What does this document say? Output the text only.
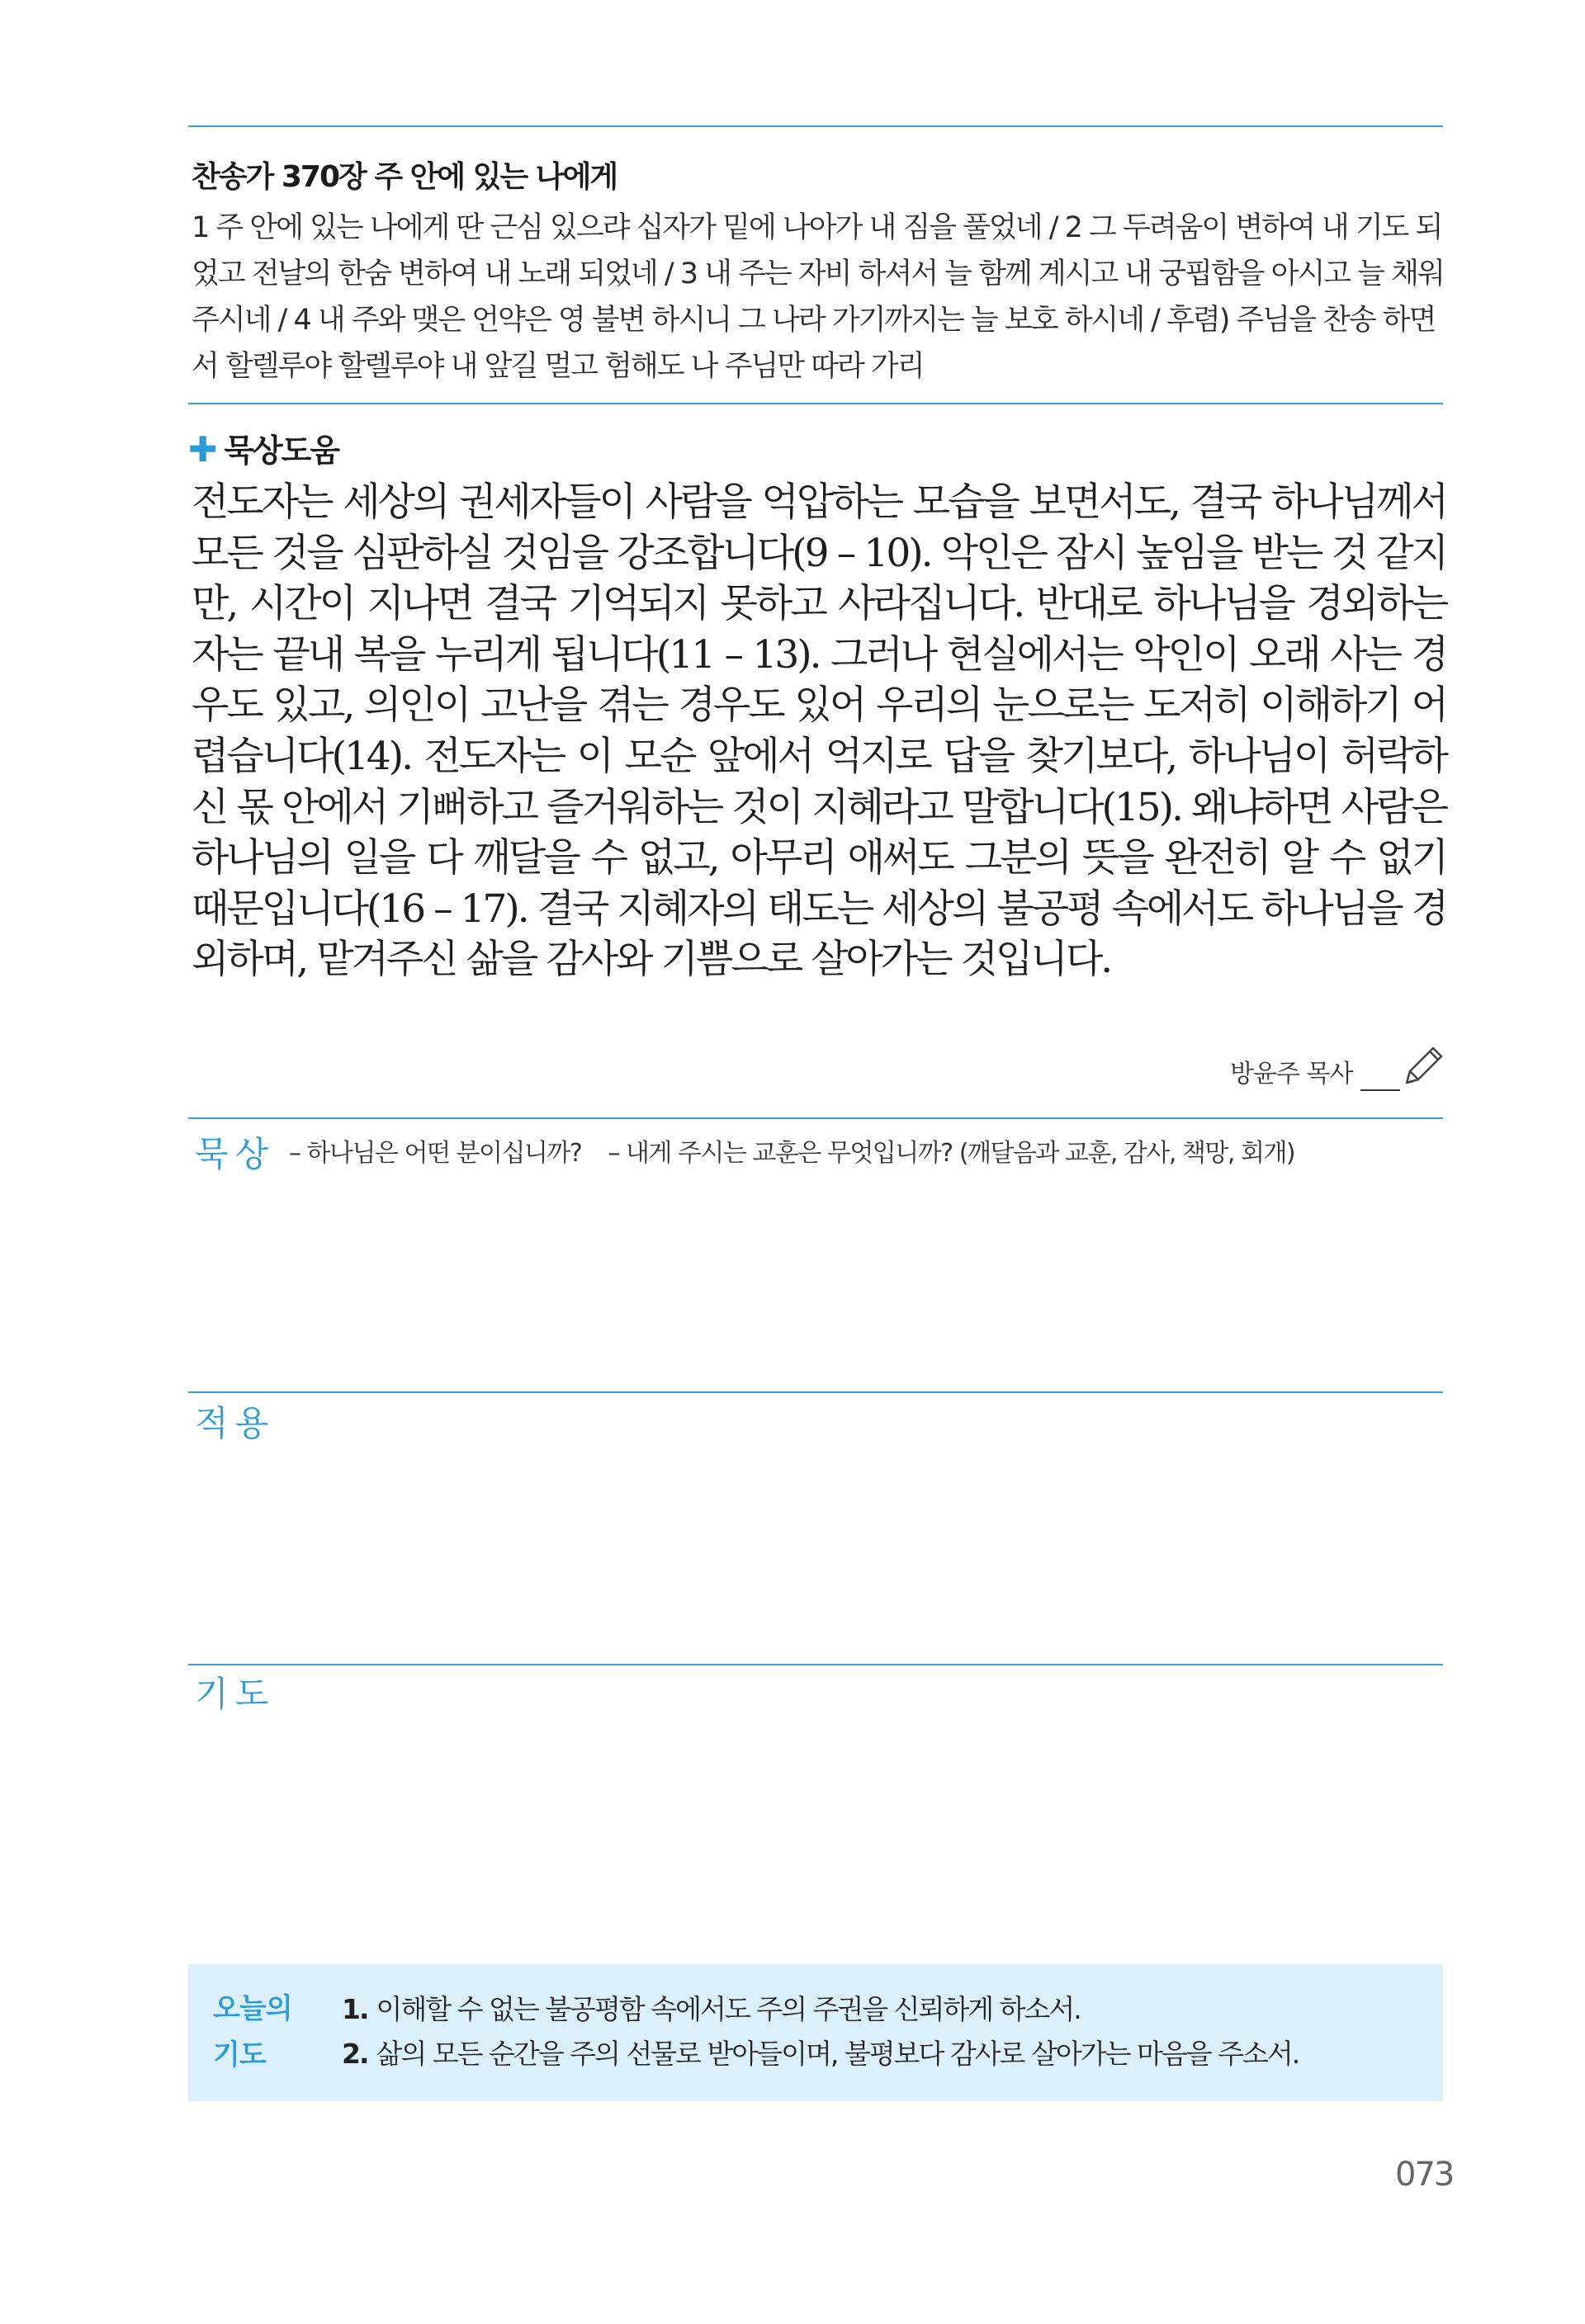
찬송가 370장 주 안에 있는 나에게
1 주 안에 있는 나에게 딴 근심 있으랴 십자가 밑에 나아가 내 짐을 풀었네 / 2 그 두려움이 변하여 내 기도 되었고 전날의 한숨 변하여 내 노래 되었네 / 3 내 주는 자비 하셔서 늘 함께 계시고 내 궁핍함을 아시고 늘 채워 주시네 / 4 내 주와 맺은 언약은 영 불변 하시니 그 나라 가기까지는 늘 보호 하시네 / 후렴) 주님을 찬송 하면서 할렐루야 할렐루야 내 앞길 멀고 험해도 나 주님만 따라 가리
✚ 묵상도움
전도자는 세상의 권세자들이 사람을 억압하는 모습을 보면서도, 결국 하나님께서 모든 것을 심판하실 것임을 강조합니다(9 – 10). 악인은 잠시 높임을 받는 것 같지만, 시간이 지나면 결국 기억되지 못하고 사라집니다. 반대로 하나님을 경외하는 자는 끝내 복을 누리게 됩니다(11 – 13). 그러나 현실에서는 악인이 오래 사는 경우도 있고, 의인이 고난을 겪는 경우도 있어 우리의 눈으로는 도저히 이해하기 어렵습니다(14). 전도자는 이 모순 앞에서 억지로 답을 찾기보다, 하나님이 허락하신 몫 안에서 기뻐하고 즐거워하는 것이 지혜라고 말합니다(15). 왜냐하면 사람은 하나님의 일을 다 깨달을 수 없고, 아무리 애써도 그분의 뜻을 완전히 알 수 없기 때문입니다(16 – 17). 결국 지혜자의 태도는 세상의 불공평 속에서도 하나님을 경외하며, 맡겨주신 삶을 감사와 기쁨으로 살아가는 것입니다.
방윤주 목사
묵상 – 하나님은 어떤 분이십니까? – 내게 주시는 교훈은 무엇입니까? (깨달음과 교훈, 감사, 책망, 회개)
적용
기도
오늘의
기도
1. 이해할 수 없는 불공평함 속에서도 주의 주권을 신뢰하게 하소서.
2. 삶의 모든 순간을 주의 선물로 받아들이며, 불평보다 감사로 살아가는 마음을 주소서.
073
